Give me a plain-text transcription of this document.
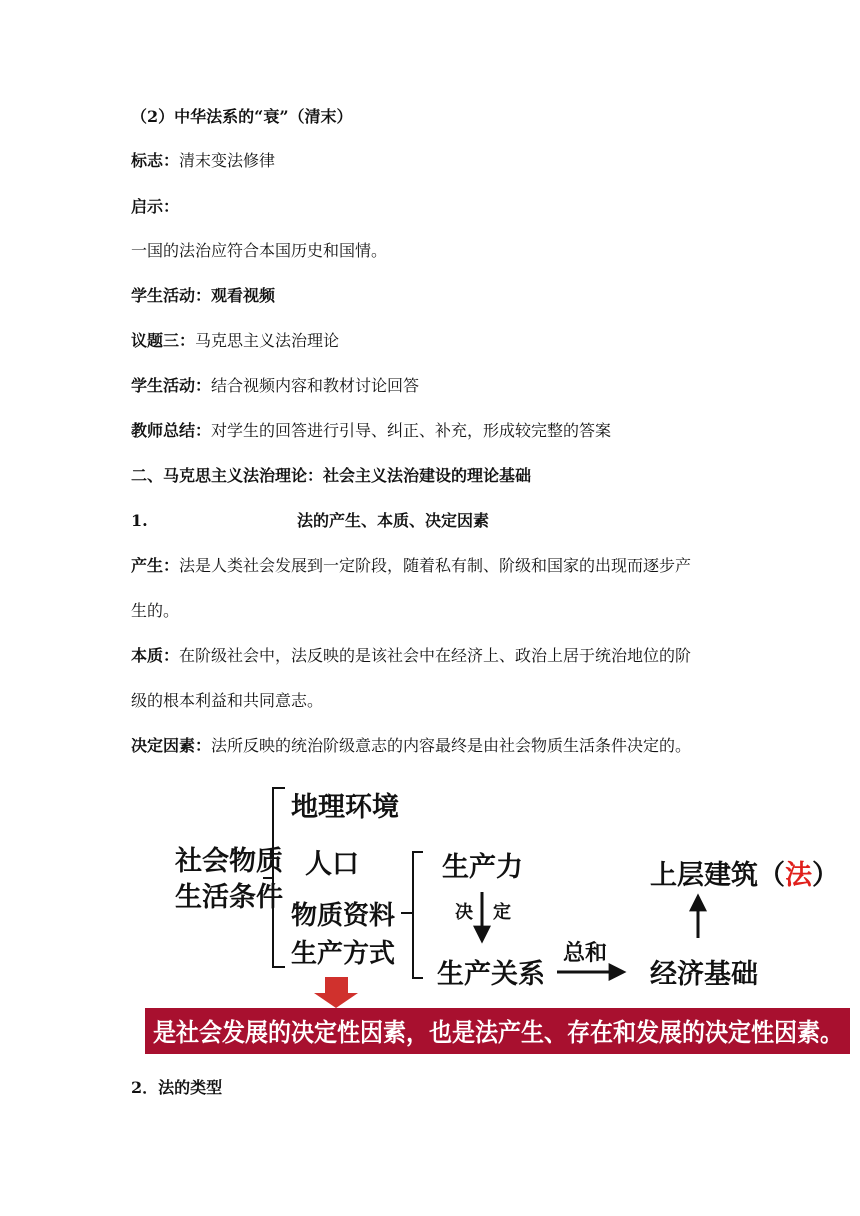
（2）中华法系的“衰”（清末）
标志：清末变法修律
启示：
一国的法治应符合本国历史和国情。
学生活动：观看视频
议题三：马克思主义法治理论
学生活动：结合视频内容和教材讨论回答
教师总结：对学生的回答进行引导、纠正、补充，形成较完整的答案
二、马克思主义法治理论：社会主义法治建设的理论基础
1.	法的产生、本质、决定因素
产生：法是人类社会发展到一定阶段，随着私有制、阶级和国家的出现而逐步产
生的。
本质：在阶级社会中，法反映的是该社会中在经济上、政治上居于统治地位的阶
级的根本利益和共同意志。
决定因素：法所反映的统治阶级意志的内容最终是由社会物质生活条件决定的。
社会物质
生活条件
地理环境
人口
物质资料
生产方式
生产力
决 定
生产关系
总和
经济基础
上层建筑（法）
是社会发展的决定性因素，也是法产生、存在和发展的决定性因素。
2．法的类型
